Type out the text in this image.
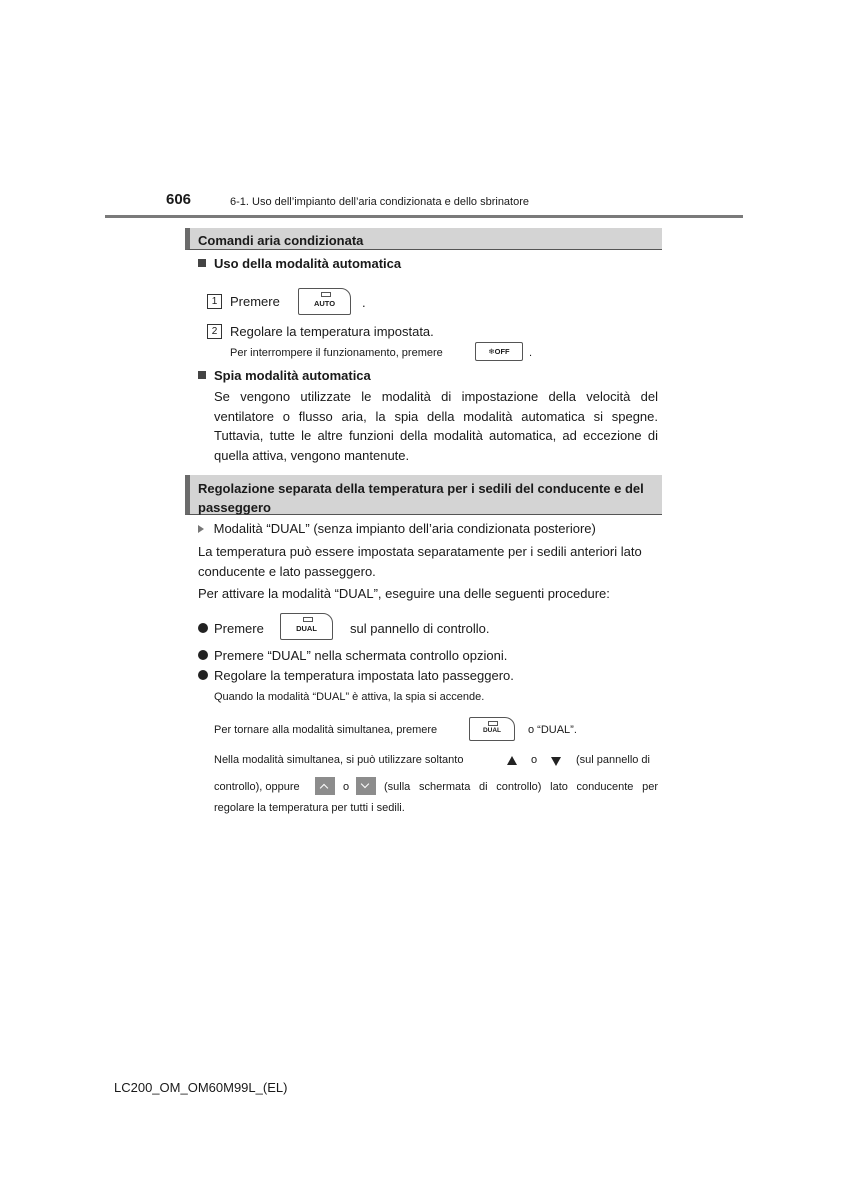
606	6-1. Uso dell’impianto dell’aria condizionata e dello sbrinatore
Comandi aria condizionata
Uso della modalità automatica
1 Premere	AUTO	.
2 Regolare la temperatura impostata.
Per interrompere il funzionamento, premere	❄OFF	.
Spia modalità automatica
Se vengono utilizzate le modalità di impostazione della velocità del ventilatore o flusso aria, la spia della modalità automatica si spegne. Tuttavia, tutte le altre funzioni della modalità automatica, ad eccezione di quella attiva, vengono mantenute.
Regolazione separata della temperatura per i sedili del conducente e del passeggero
Modalità “DUAL” (senza impianto dell’aria condizionata posteriore)
La temperatura può essere impostata separatamente per i sedili anteriori lato conducente e lato passeggero.
Per attivare la modalità “DUAL”, eseguire una delle seguenti procedure:
Premere	DUAL	sul pannello di controllo.
Premere “DUAL” nella schermata controllo opzioni.
Regolare la temperatura impostata lato passeggero.
Quando la modalità “DUAL” è attiva, la spia si accende.
Per tornare alla modalità simultanea, premere	DUAL	o “DUAL”.
Nella modalità simultanea, si può utilizzare soltanto	o	(sul pannello di
controllo), oppure	o	(sulla schermata di controllo) lato conducente per
regolare la temperatura per tutti i sedili.
LC200_OM_OM60M99L_(EL)
